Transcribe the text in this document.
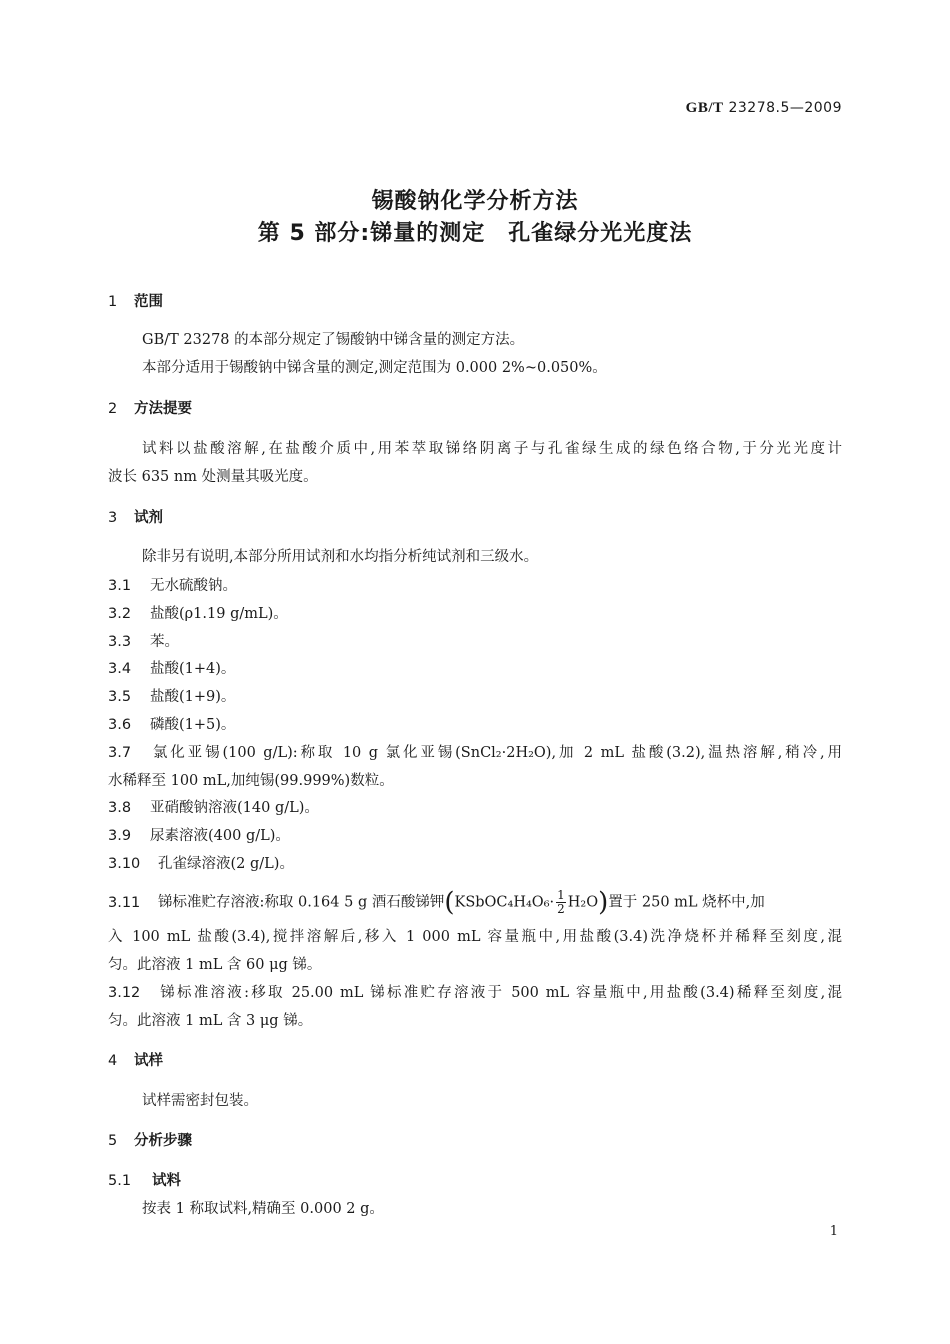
GB/T 23278.5—2009
锡酸钠化学分析方法
第 5 部分:锑量的测定　孔雀绿分光光度法
1 范围
GB/T 23278 的本部分规定了锡酸钠中锑含量的测定方法。
本部分适用于锡酸钠中锑含量的测定,测定范围为 0.000 2%~0.050%。
2 方法提要
试料以盐酸溶解,在盐酸介质中,用苯萃取锑络阴离子与孔雀绿生成的绿色络合物,于分光光度计
波长 635 nm 处测量其吸光度。
3 试剂
除非另有说明,本部分所用试剂和水均指分析纯试剂和三级水。
3.1 无水硫酸钠。
3.2 盐酸(ρ1.19 g/mL)。
3.3 苯。
3.4 盐酸(1+4)。
3.5 盐酸(1+9)。
3.6 磷酸(1+5)。
3.7 氯化亚锡(100 g/L):称取 10 g 氯化亚锡(SnCl₂·2H₂O),加 2 mL 盐酸(3.2),温热溶解,稍冷,用
水稀释至 100 mL,加纯锡(99.999%)数粒。
3.8 亚硝酸钠溶液(140 g/L)。
3.9 尿素溶液(400 g/L)。
3.10 孔雀绿溶液(2 g/L)。
3.11 锑标准贮存溶液:称取 0.164 5 g 酒石酸锑钾(KSbOC₄H₄O₆· $\frac{1}{2} H_2O$)置于 250 mL 烧杯中,加
入 100 mL 盐酸(3.4),搅拌溶解后,移入 1 000 mL 容量瓶中,用盐酸(3.4)洗净烧杯并稀释至刻度,混
匀。此溶液 1 mL 含 60 μg 锑。
3.12 锑标准溶液:移取 25.00 mL 锑标准贮存溶液于 500 mL 容量瓶中,用盐酸(3.4)稀释至刻度,混
匀。此溶液 1 mL 含 3 μg 锑。
4 试样
试样需密封包装。
5 分析步骤
5.1 试料
按表 1 称取试料,精确至 0.000 2 g。
1
